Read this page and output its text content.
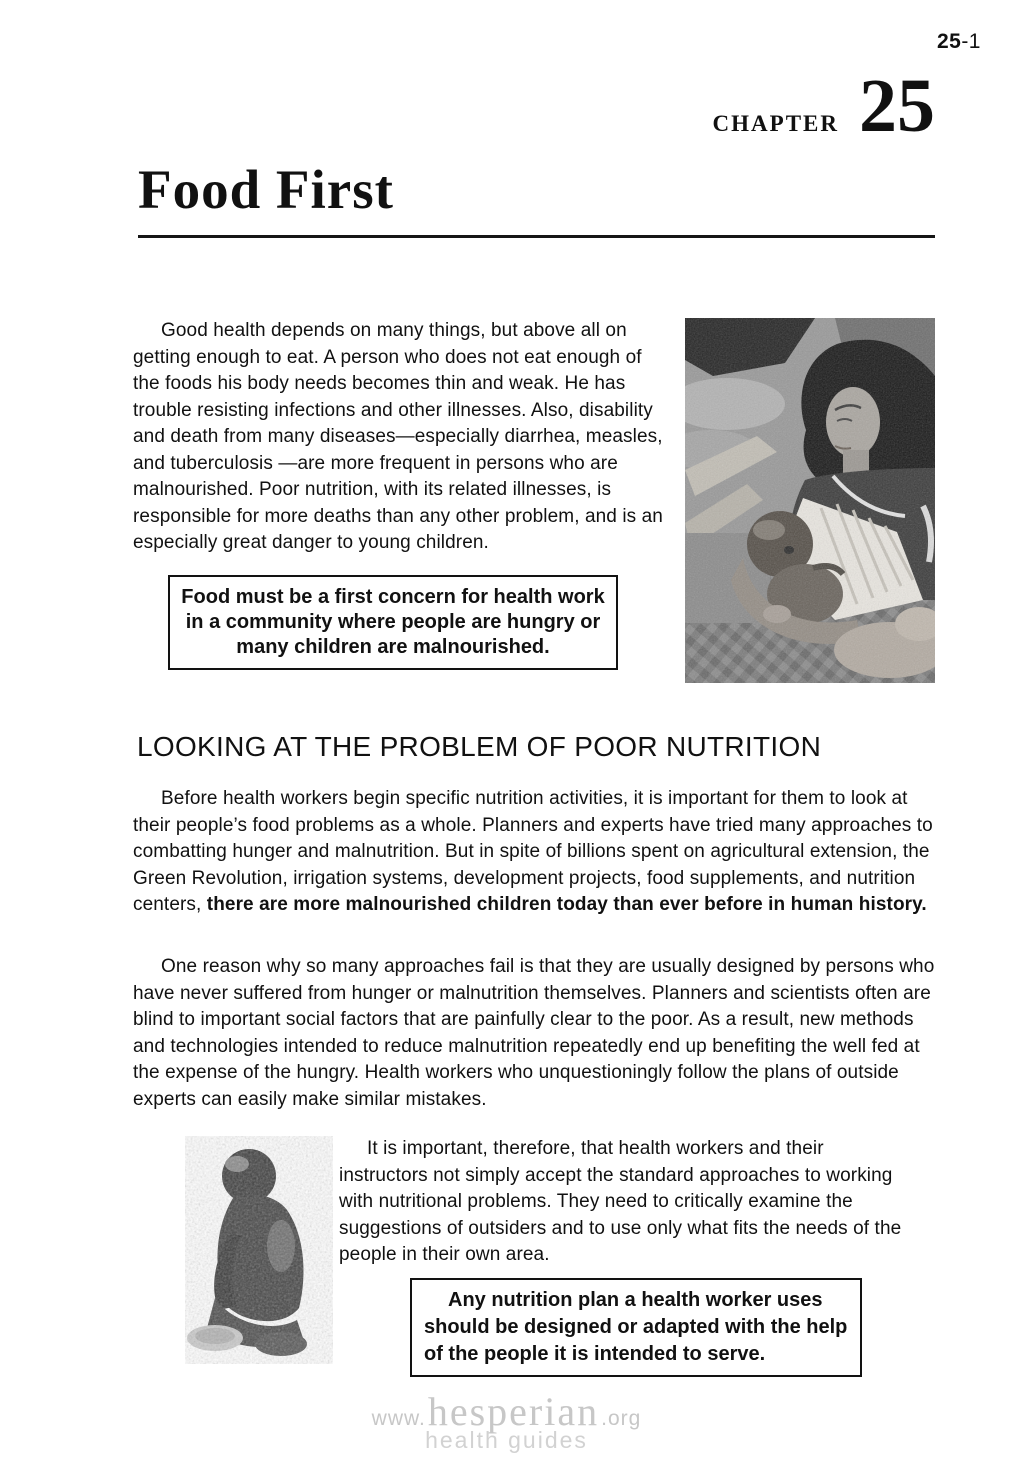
25-1
CHAPTER 25
Food First

Good health depends on many things, but above all on getting enough to eat. A person who does not eat enough of the foods his body needs becomes thin and weak. He has trouble resisting infections and other illnesses. Also, disability and death from many diseases—especially diarrhea, measles, and tuberculosis —are more frequent in persons who are malnourished. Poor nutrition, with its related illnesses, is responsible for more deaths than any other problem, and is an especially great danger to young children.

Food must be a first concern for health work in a community where people are hungry or many children are malnourished.

LOOKING AT THE PROBLEM OF POOR NUTRITION

Before health workers begin specific nutrition activities, it is important for them to look at their people’s food problems as a whole. Planners and experts have tried many approaches to combatting hunger and malnutrition. But in spite of billions spent on agricultural extension, the Green Revolution, irrigation systems, development projects, food supplements, and nutrition centers, there are more malnourished children today than ever before in human history.

One reason why so many approaches fail is that they are usually designed by persons who have never suffered from hunger or malnutrition themselves. Planners and scientists often are blind to important social factors that are painfully clear to the poor. As a result, new methods and technologies intended to reduce malnutrition repeatedly end up benefiting the well fed at the expense of the hungry. Health workers who unquestioningly follow the plans of outside experts can easily make similar mistakes.

It is important, therefore, that health workers and their instructors not simply accept the standard approaches to working with nutritional problems. They need to critically examine the suggestions of outsiders and to use only what fits the needs of the people in their own area.

Any nutrition plan a health worker uses should be designed or adapted with the help of the people it is intended to serve.

www. hesperian .org
health guides
